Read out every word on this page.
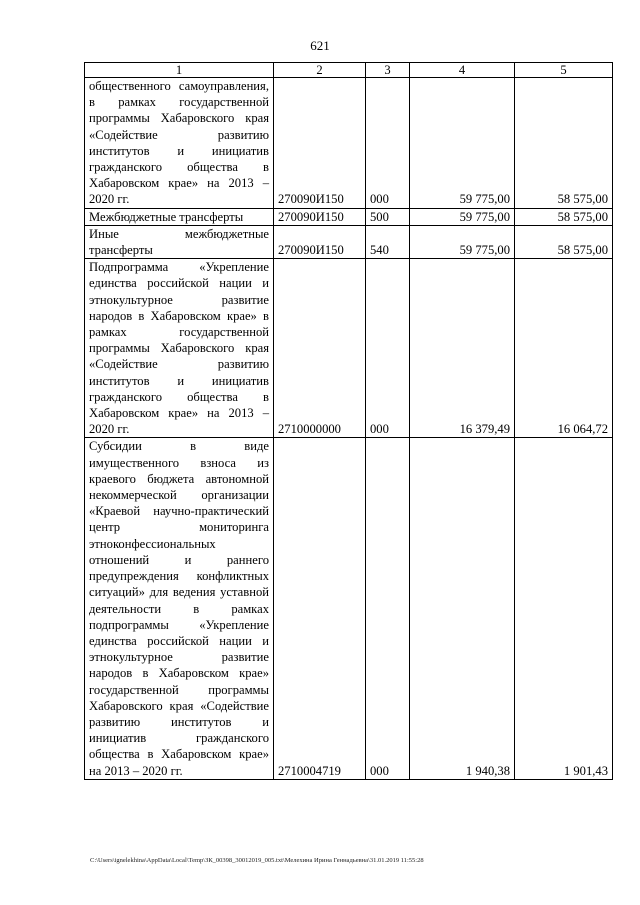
621
1	2	3	4	5
общественного самоуправления, в рамках государственной программы Хабаровского края «Содействие развитию институтов и инициатив гражданского общества в Хабаровском крае» на 2013 – 2020 гг.	270090И150	000	59 775,00	58 575,00
Межбюджетные трансферты	270090И150	500	59 775,00	58 575,00
Иные межбюджетные трансферты	270090И150	540	59 775,00	58 575,00
Подпрограмма «Укрепление единства российской нации и этнокультурное развитие народов в Хабаровском крае» в рамках государственной программы Хабаровского края «Содействие развитию институтов и инициатив гражданского общества в Хабаровском крае» на 2013 – 2020 гг.	2710000000	000	16 379,49	16 064,72
Субсидии в виде имущественного взноса из краевого бюджета автономной некоммерческой организации «Краевой научно-практический центр мониторинга этноконфессиональных отношений и раннего предупреждения конфликтных ситуаций» для ведения уставной деятельности в рамках подпрограммы «Укрепление единства российской нации и этнокультурное развитие народов в Хабаровском крае» государственной программы Хабаровского края «Содействие развитию институтов и инициатив гражданского общества в Хабаровском крае» на 2013 – 2020 гг.	2710004719	000	1 940,38	1 901,43
C:\Users\ignelekhina\AppData\Local\Temp\ЗК_00398_30012019_005.txt\Мелехина Ирина Геннадьевна\31.01.2019 11:55:28
